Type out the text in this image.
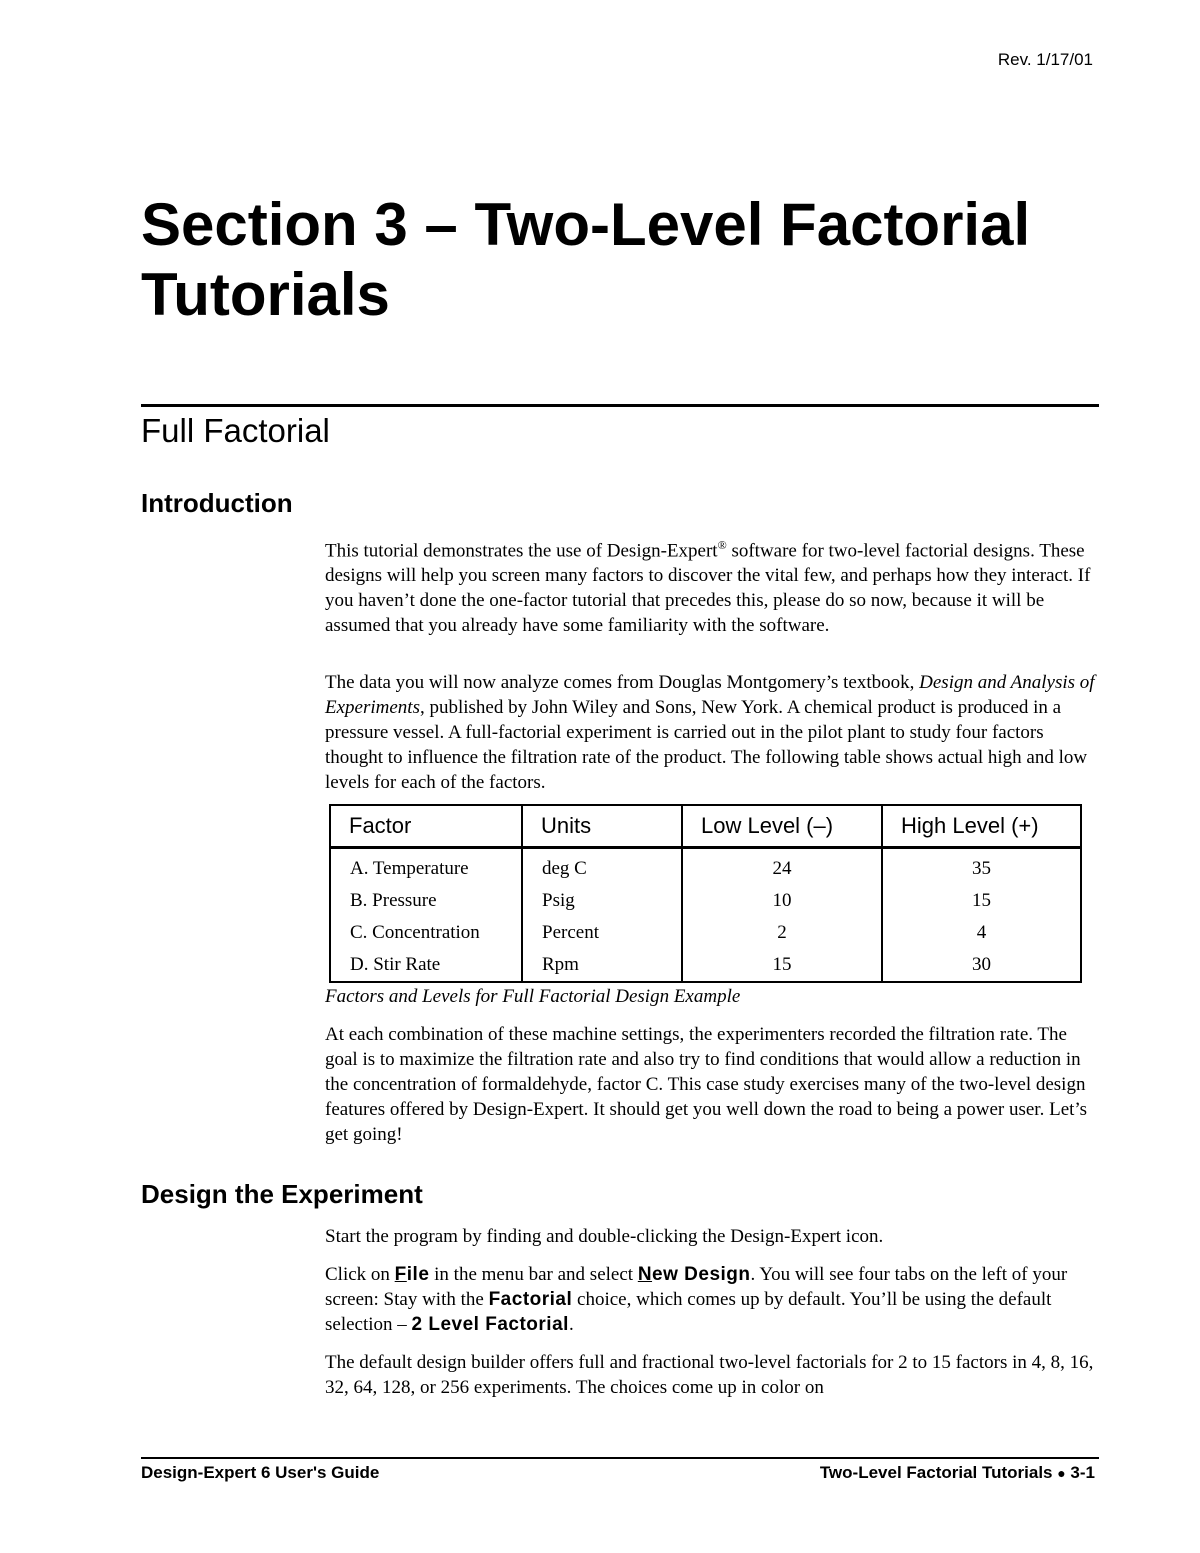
Rev. 1/17/01
Section 3 – Two-Level Factorial
Tutorials
Full Factorial
Introduction

This tutorial demonstrates the use of Design-Expert® software for two-level factorial designs. These designs will help you screen many factors to discover the vital few, and perhaps how they interact. If you haven’t done the one-factor tutorial that precedes this, please do so now, because it will be assumed that you already have some familiarity with the software.

The data you will now analyze comes from Douglas Montgomery’s textbook, Design and Analysis of Experiments, published by John Wiley and Sons, New York. A chemical product is produced in a pressure vessel. A full-factorial experiment is carried out in the pilot plant to study four factors thought to influence the filtration rate of the product. The following table shows actual high and low levels for each of the factors.

Factor	Units	Low Level (–)	High Level (+)
A. Temperature	deg C	24	35
B. Pressure	Psig	10	15
C. Concentration	Percent	2	4
D. Stir Rate	Rpm	15	30
Factors and Levels for Full Factorial Design Example

At each combination of these machine settings, the experimenters recorded the filtration rate. The goal is to maximize the filtration rate and also try to find conditions that would allow a reduction in the concentration of formaldehyde, factor C. This case study exercises many of the two-level design features offered by Design-Expert. It should get you well down the road to being a power user. Let’s get going!

Design the Experiment

Start the program by finding and double-clicking the Design-Expert icon.

Click on File in the menu bar and select New Design. You will see four tabs on the left of your screen: Stay with the Factorial choice, which comes up by default. You’ll be using the default selection – 2 Level Factorial.

The default design builder offers full and fractional two-level factorials for 2 to 15 factors in 4, 8, 16, 32, 64, 128, or 256 experiments. The choices come up in color on

Design-Expert 6 User's Guide	Two-Level Factorial Tutorials ● 3-1
